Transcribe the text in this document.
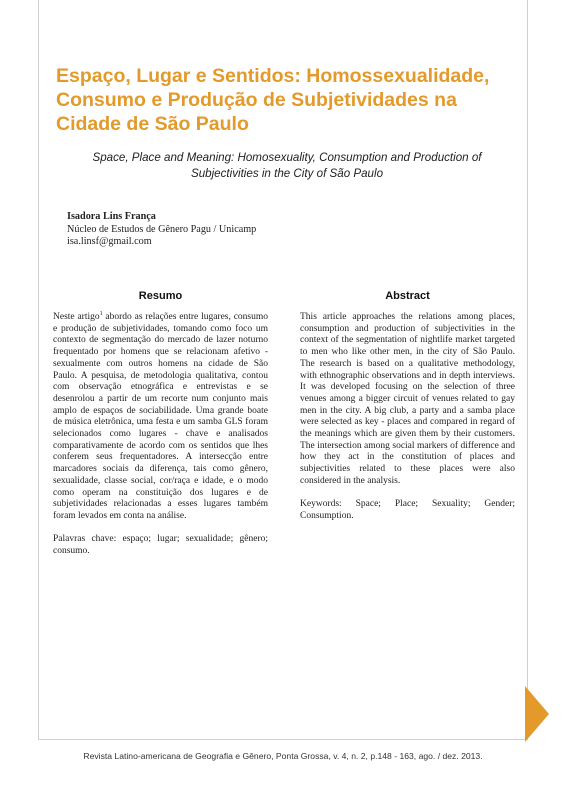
Espaço, Lugar e Sentidos: Homossexualidade, Consumo e Produção de Subjetividades na Cidade de São Paulo

Space, Place and Meaning: Homosexuality, Consumption and Production of Subjectivities in the City of São Paulo

Isadora Lins França
Núcleo de Estudos de Gênero Pagu / Unicamp
isa.linsf@gmail.com
Resumo

Neste artigo$^1$ abordo as relações entre lugares, consumo e produção de subjetividades, tomando como foco um contexto de segmentação do mercado de lazer noturno frequentado por homens que se relacionam afetivo - sexualmente com outros homens na cidade de São Paulo. A pesquisa, de metodologia qualitativa, contou com observação etnográfica e entrevistas e se desenrolou a partir de um recorte num conjunto mais amplo de espaços de sociabilidade. Uma grande boate de música eletrônica, uma festa e um samba GLS foram selecionados como lugares - chave e analisados comparativamente de acordo com os sentidos que lhes conferem seus frequentadores. A intersecção entre marcadores sociais da diferença, tais como gênero, sexualidade, classe social, cor/raça e idade, e o modo como operam na constituição dos lugares e de subjetividades relacionadas a esses lugares também foram levados em conta na análise.

Palavras chave: espaço; lugar; sexualidade; gênero; consumo.

Abstract

This article approaches the relations among places, consumption and production of subjectivities in the context of the segmentation of nightlife market targeted to men who like other men, in the city of São Paulo. The research is based on a qualitative methodology, with ethnographic observations and in depth interviews. It was developed focusing on the selection of three venues among a bigger circuit of venues related to gay men in the city. A big club, a party and a samba place were selected as key - places and compared in regard of the meanings which are given them by their customers. The intersection among social markers of difference and how they act in the constitution of places and subjectivities related to these places were also considered in the analysis.

Keywords: Space; Place; Sexuality; Gender; Consumption.

Revista Latino-americana de Geografia e Gênero, Ponta Grossa, v. 4, n. 2, p.148 - 163, ago. / dez. 2013.
